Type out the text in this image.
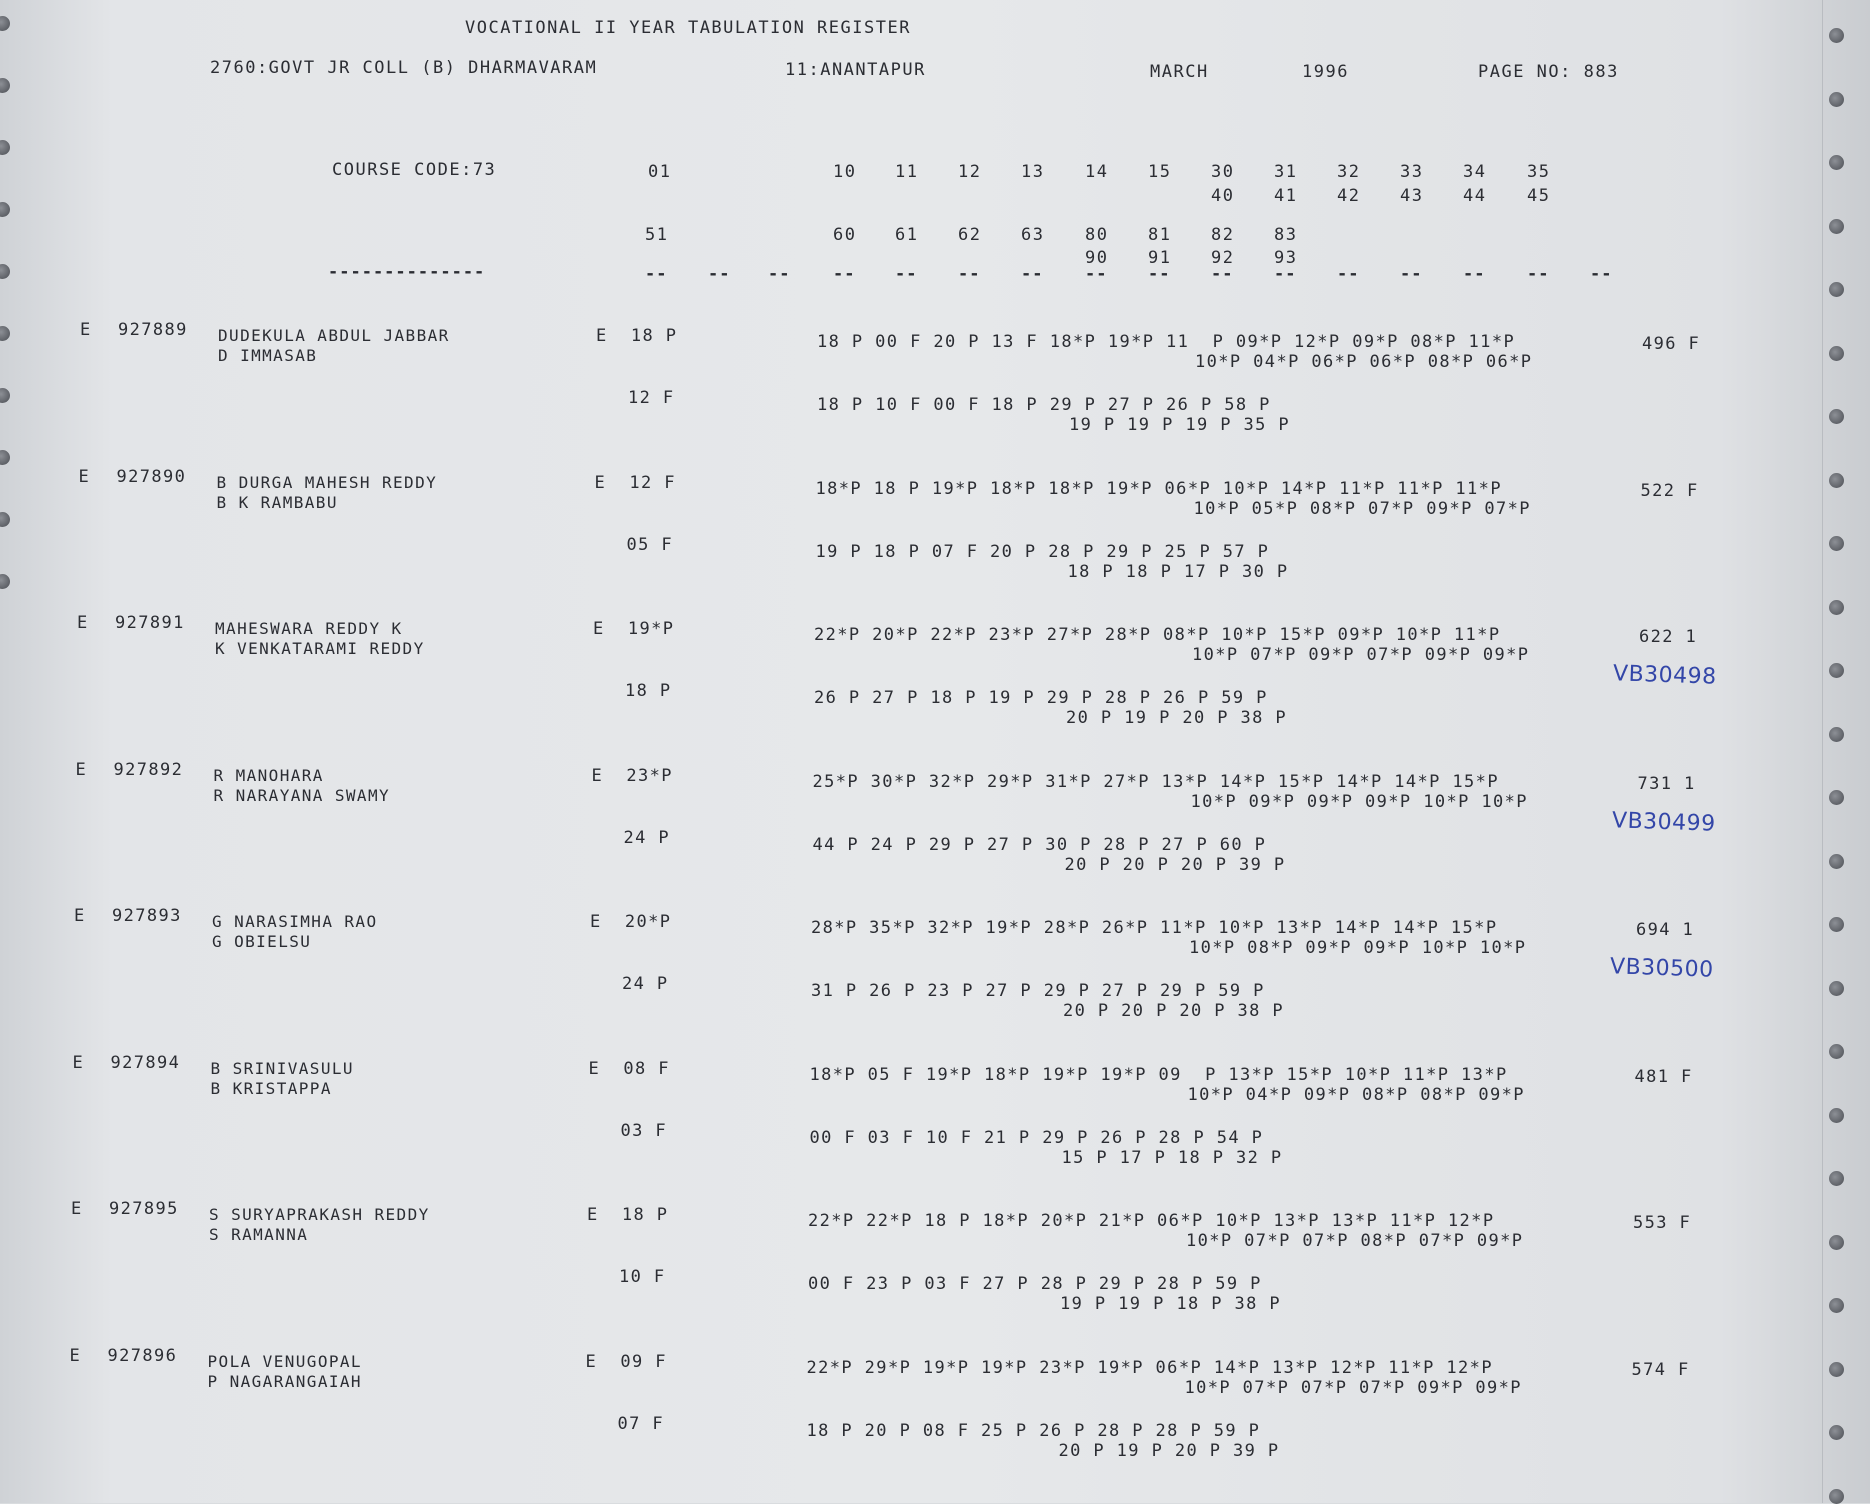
VOCATIONAL II YEAR TABULATION REGISTER
2760:GOVT JR COLL (B) DHARMAVARAM	11:ANANTAPUR	MARCH	1996	PAGE NO: 883
COURSE CODE:73	01	10 11 12 13 14 15 30 31 32 33 34 35
40 41 42 43 44 45
51	60 61 62 63 80 81 82 83
90 91 92 93
--------------	-- -- --	-- -- -- -- -- -- -- -- -- -- -- -- --
E 927889 DUDEKULA ABDUL JABBAR
D IMMASAB
E  18 P	18 P 00 F 20 P 13 F 18*P 19*P 11  P 09*P 12*P 09*P 08*P 11*P
10*P 04*P 06*P 06*P 08*P 06*P
496 F
12 F	18 P 10 F 00 F 18 P 29 P 27 P 26 P 58 P
19 P 19 P 19 P 35 P
E 927890 B DURGA MAHESH REDDY
B K RAMBABU
E  12 F	18*P 18 P 19*P 18*P 18*P 19*P 06*P 10*P 14*P 11*P 11*P 11*P
10*P 05*P 08*P 07*P 09*P 07*P
522 F
05 F	19 P 18 P 07 F 20 P 28 P 29 P 25 P 57 P
18 P 18 P 17 P 30 P
E 927891 MAHESWARA REDDY K
K VENKATARAMI REDDY
E  19*P	22*P 20*P 22*P 23*P 27*P 28*P 08*P 10*P 15*P 09*P 10*P 11*P
10*P 07*P 09*P 07*P 09*P 09*P
622 1
18 P	26 P 27 P 18 P 19 P 29 P 28 P 26 P 59 P
20 P 19 P 20 P 38 P
VB30498
E 927892 R MANOHARA
R NARAYANA SWAMY
E  23*P	25*P 30*P 32*P 29*P 31*P 27*P 13*P 14*P 15*P 14*P 14*P 15*P
10*P 09*P 09*P 09*P 10*P 10*P
731 1
24 P	44 P 24 P 29 P 27 P 30 P 28 P 27 P 60 P
20 P 20 P 20 P 39 P
VB30499
E 927893 G NARASIMHA RAO
G OBIELSU
E  20*P	28*P 35*P 32*P 19*P 28*P 26*P 11*P 10*P 13*P 14*P 14*P 15*P
10*P 08*P 09*P 09*P 10*P 10*P
694 1
24 P	31 P 26 P 23 P 27 P 29 P 27 P 29 P 59 P
20 P 20 P 20 P 38 P
VB30500
E 927894 B SRINIVASULU
B KRISTAPPA
E  08 F	18*P 05 F 19*P 18*P 19*P 19*P 09  P 13*P 15*P 10*P 11*P 13*P
10*P 04*P 09*P 08*P 08*P 09*P
481 F
03 F	00 F 03 F 10 F 21 P 29 P 26 P 28 P 54 P
15 P 17 P 18 P 32 P
E 927895 S SURYAPRAKASH REDDY
S RAMANNA
E  18 P	22*P 22*P 18 P 18*P 20*P 21*P 06*P 10*P 13*P 13*P 11*P 12*P
10*P 07*P 07*P 08*P 07*P 09*P
553 F
10 F	00 F 23 P 03 F 27 P 28 P 29 P 28 P 59 P
19 P 19 P 18 P 38 P
E 927896 POLA VENUGOPAL
P NAGARANGAIAH
E  09 F	22*P 29*P 19*P 19*P 23*P 19*P 06*P 14*P 13*P 12*P 11*P 12*P
10*P 07*P 07*P 07*P 09*P 09*P
574 F
07 F	18 P 20 P 08 F 25 P 26 P 28 P 28 P 59 P
20 P 19 P 20 P 39 P
